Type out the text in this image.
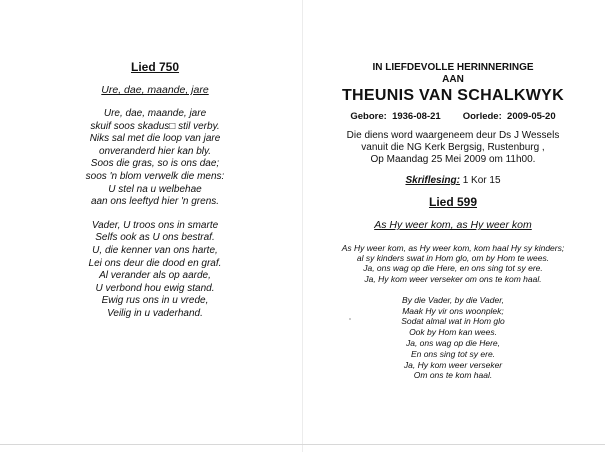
Lied 750
Ure, dae, maande, jare
Ure, dae, maande, jare
skuif soos skadus□ stil verby.
Niks sal met die loop van jare
onveranderd hier kan bly.
Soos die gras, so is ons dae;
soos 'n blom verwelk die mens:
U stel na u welbehae
aan ons leeftyd hier 'n grens.
Vader, U troos ons in smarte
Selfs ook as U ons bestraf.
U, die kenner van ons harte,
Lei ons deur die dood en graf.
Al verander als op aarde,
U verbond hou ewig stand.
Ewig rus ons in u vrede,
Veilig in u vaderhand.
IN LIEFDEVOLLE HERINNERINGE
AAN
THEUNIS VAN SCHALKWYK
Gebore: 1936-08-21 Oorlede: 2009-05-20
Die diens word waargeneem deur Ds J Wessels
vanuit die NG Kerk Bergsig, Rustenburg ,
Op Maandag 25 Mei 2009 om 11h00.
Skriflesing: 1 Kor 15
Lied 599
As Hy weer kom, as Hy weer kom
As Hy weer kom, as Hy weer kom, kom haal Hy sy kinders;
al sy kinders swat in Hom glo, om by Hom te wees.
Ja, ons wag op die Here, en ons sing tot sy ere.
Ja, Hy kom weer verseker om ons te kom haal.
By die Vader, by die Vader,
Maak Hy vir ons woonplek;
Sodat almal wat in Hom glo
Ook by Hom kan wees.
Ja, ons wag op die Here,
En ons sing tot sy ere.
Ja, Hy kom weer verseker
Om ons te kom haal.
